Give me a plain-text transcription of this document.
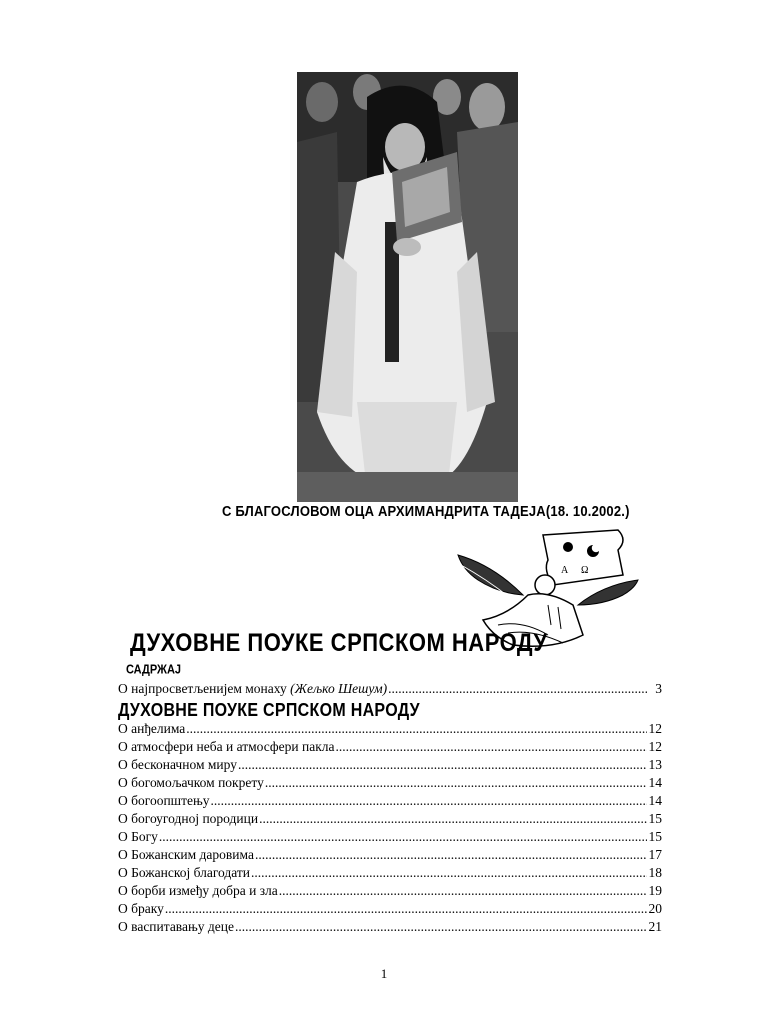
С БЛАГОСЛОВОМ ОЦА АРХИМАНДРИТА ТАДЕЈА(18. 10.2002.)
А Ω
ДУХОВНЕ ПОУКЕ СРПСКОМ НАРОДУ
САДРЖАЈ
О најпросветљенијем монаху (Жељко Шешум) .....	3
ДУХОВНЕ ПОУКЕ СРПСКОМ НАРОДУ
О анђелима .....	12
О атмосфери неба и атмосфери пакла .....	12
О бесконачном миру .....	13
О богомољачком покрету .....	14
О богоопштењу .....	14
О богоугодној породици .....	15
О Богу .....	15
О Божанским даровима .....	17
О Божанској благодати .....	18
О борби између добра и зла .....	19
О браку .....	20
О васпитавању деце .....	21
1
